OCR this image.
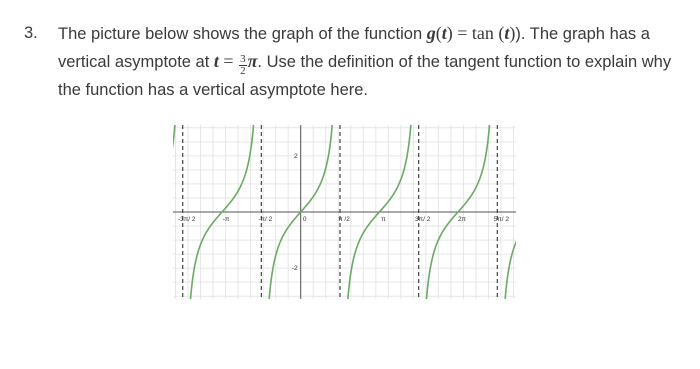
3. The picture below shows the graph of the function g(t) = tan (t)). The graph has a
vertical asymptote at $t = \frac{3}{2} \pi$. Use the definition of the tangent function to explain why
the function has a vertical asymptote here.
-3π/ 2	-π	-π/ 2	0	π /2	π	3π/ 2	2π	5π/ 2
2
-2
